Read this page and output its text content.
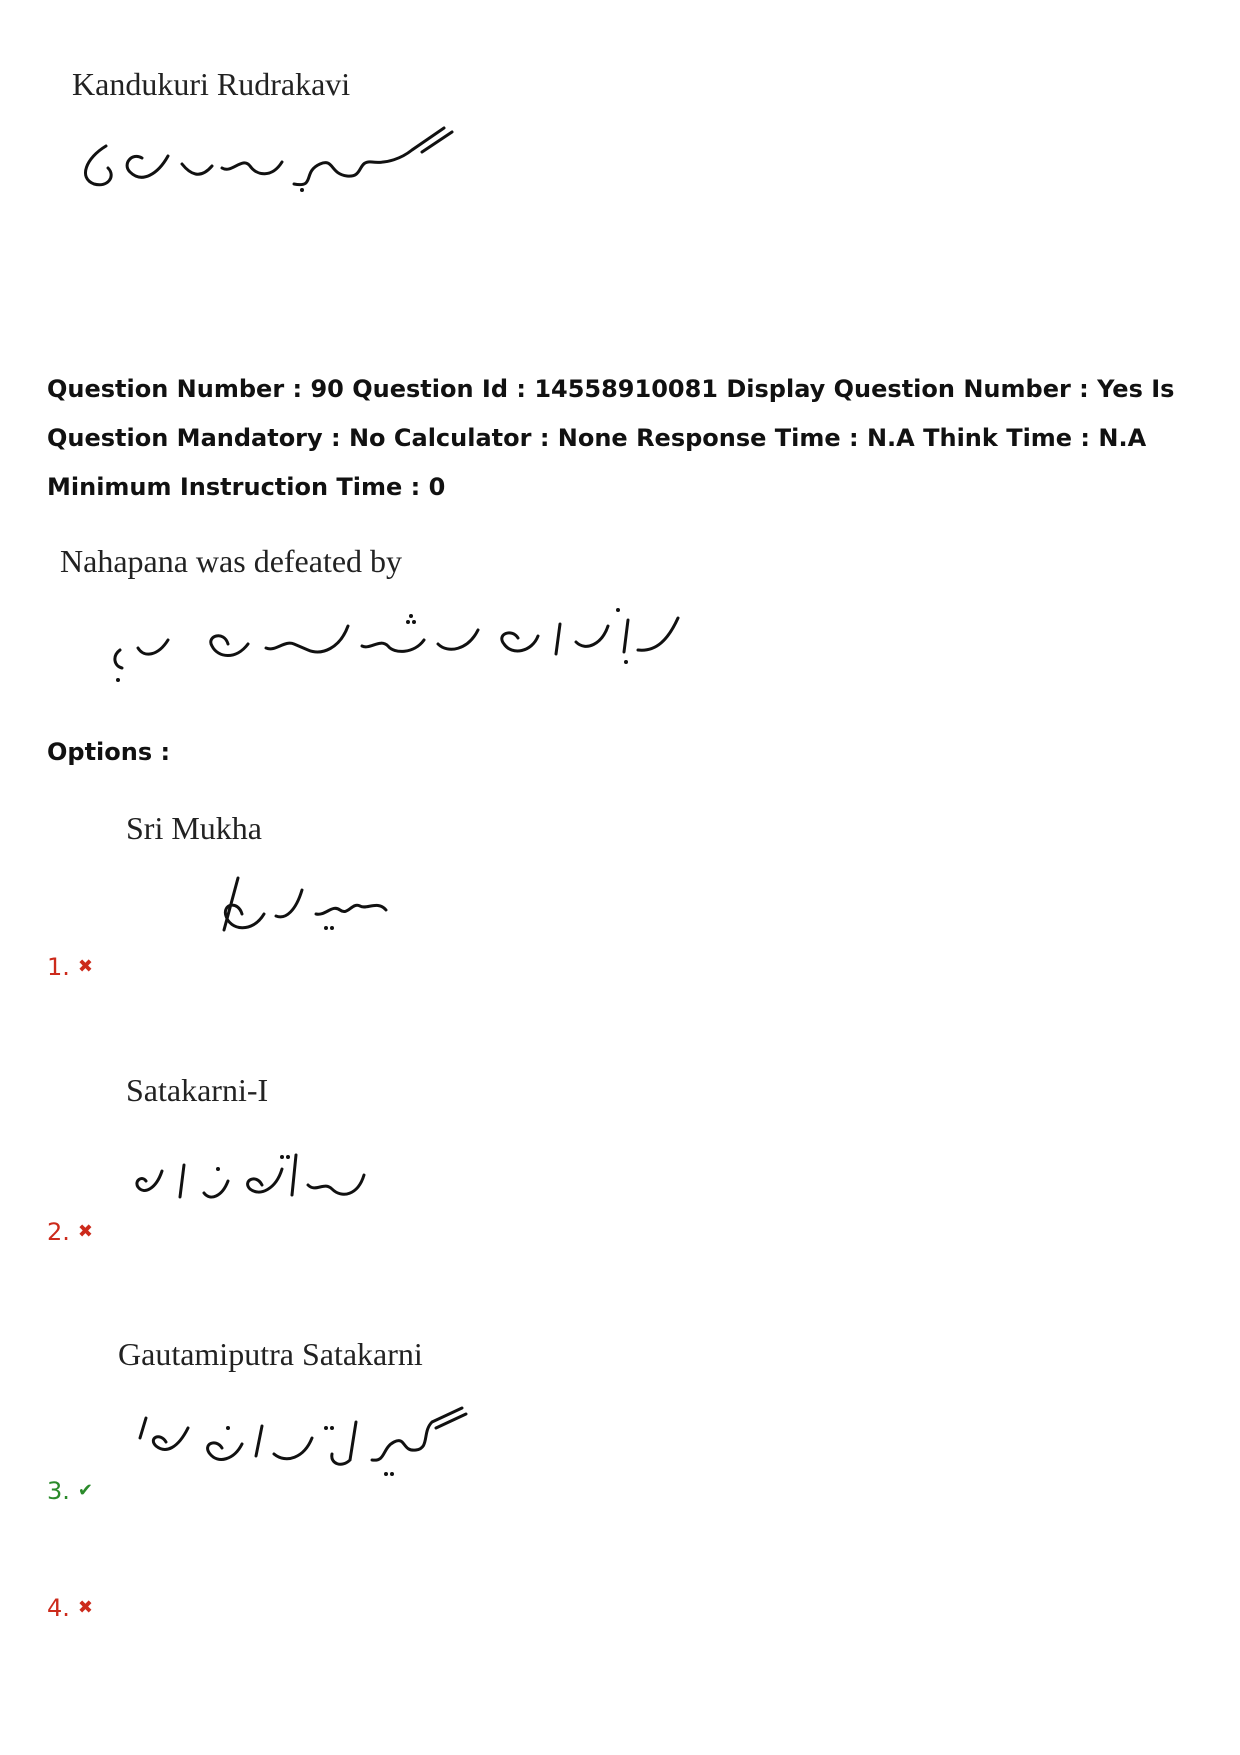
Kandukuri Rudrakavi
Question Number : 90 Question Id : 14558910081 Display Question Number : Yes Is Question Mandatory : No Calculator : None Response Time : N.A Think Time : N.A Minimum Instruction Time : 0
Nahapana was defeated by
Options :
Sri Mukha
1. ✖
Satakarni-I
2. ✖
Gautamiputra Satakarni
3. ✔
4. ✖
